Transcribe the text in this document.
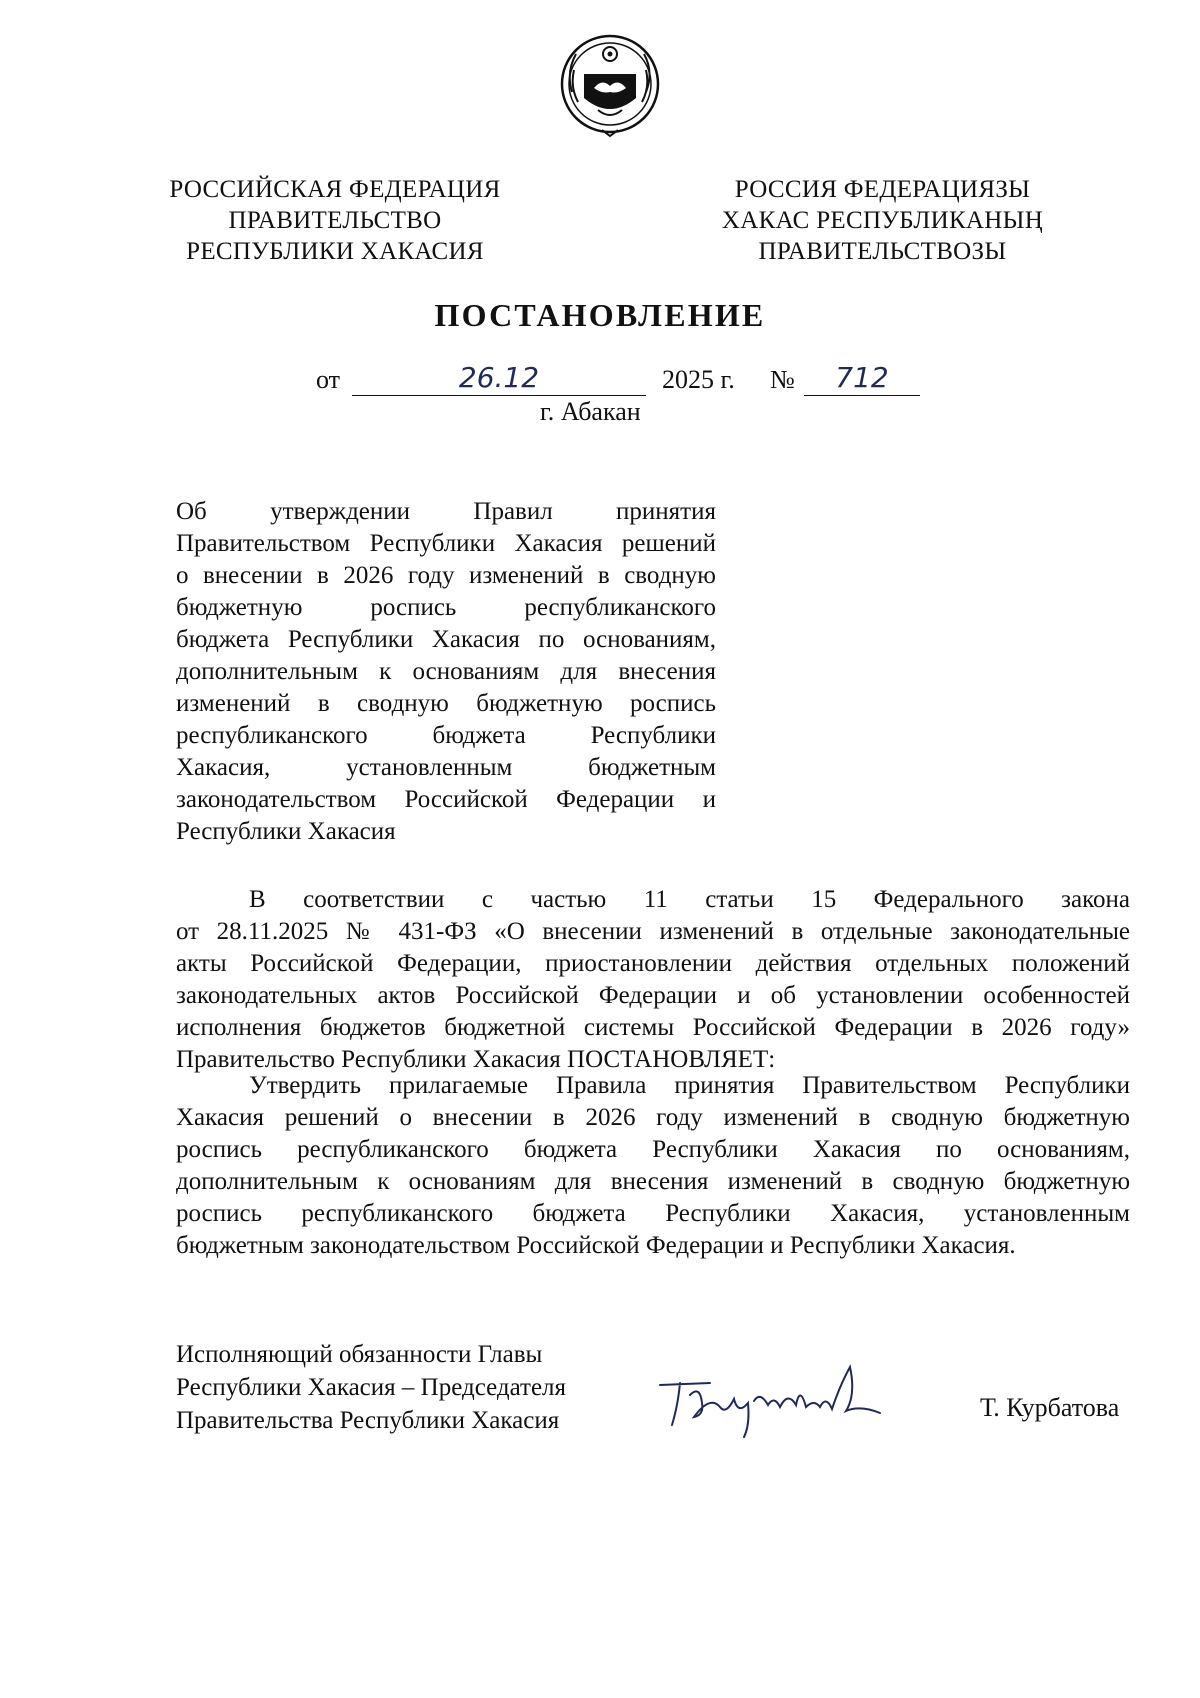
РОССИЙСКАЯ ФЕДЕРАЦИЯ
ПРАВИТЕЛЬСТВО
РЕСПУБЛИКИ ХАКАСИЯ
РОССИЯ ФЕДЕРАЦИЯЗЫ
ХАКАС РЕСПУБЛИКАНЫҢ
ПРАВИТЕЛЬСТВОЗЫ
ПОСТАНОВЛЕНИЕ
от	26.12	2025 г. №	712
г. Абакан
Об утверждении Правил принятия
Правительством Республики Хакасия решений
о внесении в 2026 году изменений в сводную
бюджетную роспись республиканского
бюджета Республики Хакасия по основаниям,
дополнительным к основаниям для внесения
изменений в сводную бюджетную роспись
республиканского бюджета Республики
Хакасия, установленным бюджетным
законодательством Российской Федерации и
Республики Хакасия
В соответствии с частью 11 статьи 15 Федерального закона
от 28.11.2025 № 431-ФЗ «О внесении изменений в отдельные законодательные
акты Российской Федерации, приостановлении действия отдельных положений
законодательных актов Российской Федерации и об установлении особенностей
исполнения бюджетов бюджетной системы Российской Федерации в 2026 году»
Правительство Республики Хакасия ПОСТАНОВЛЯЕТ:
Утвердить прилагаемые Правила принятия Правительством Республики
Хакасия решений о внесении в 2026 году изменений в сводную бюджетную
роспись республиканского бюджета Республики Хакасия по основаниям,
дополнительным к основаниям для внесения изменений в сводную бюджетную
роспись республиканского бюджета Республики Хакасия, установленным
бюджетным законодательством Российской Федерации и Республики Хакасия.
Исполняющий обязанности Главы
Республики Хакасия – Председателя
Правительства Республики Хакасия	Т. Курбатова
